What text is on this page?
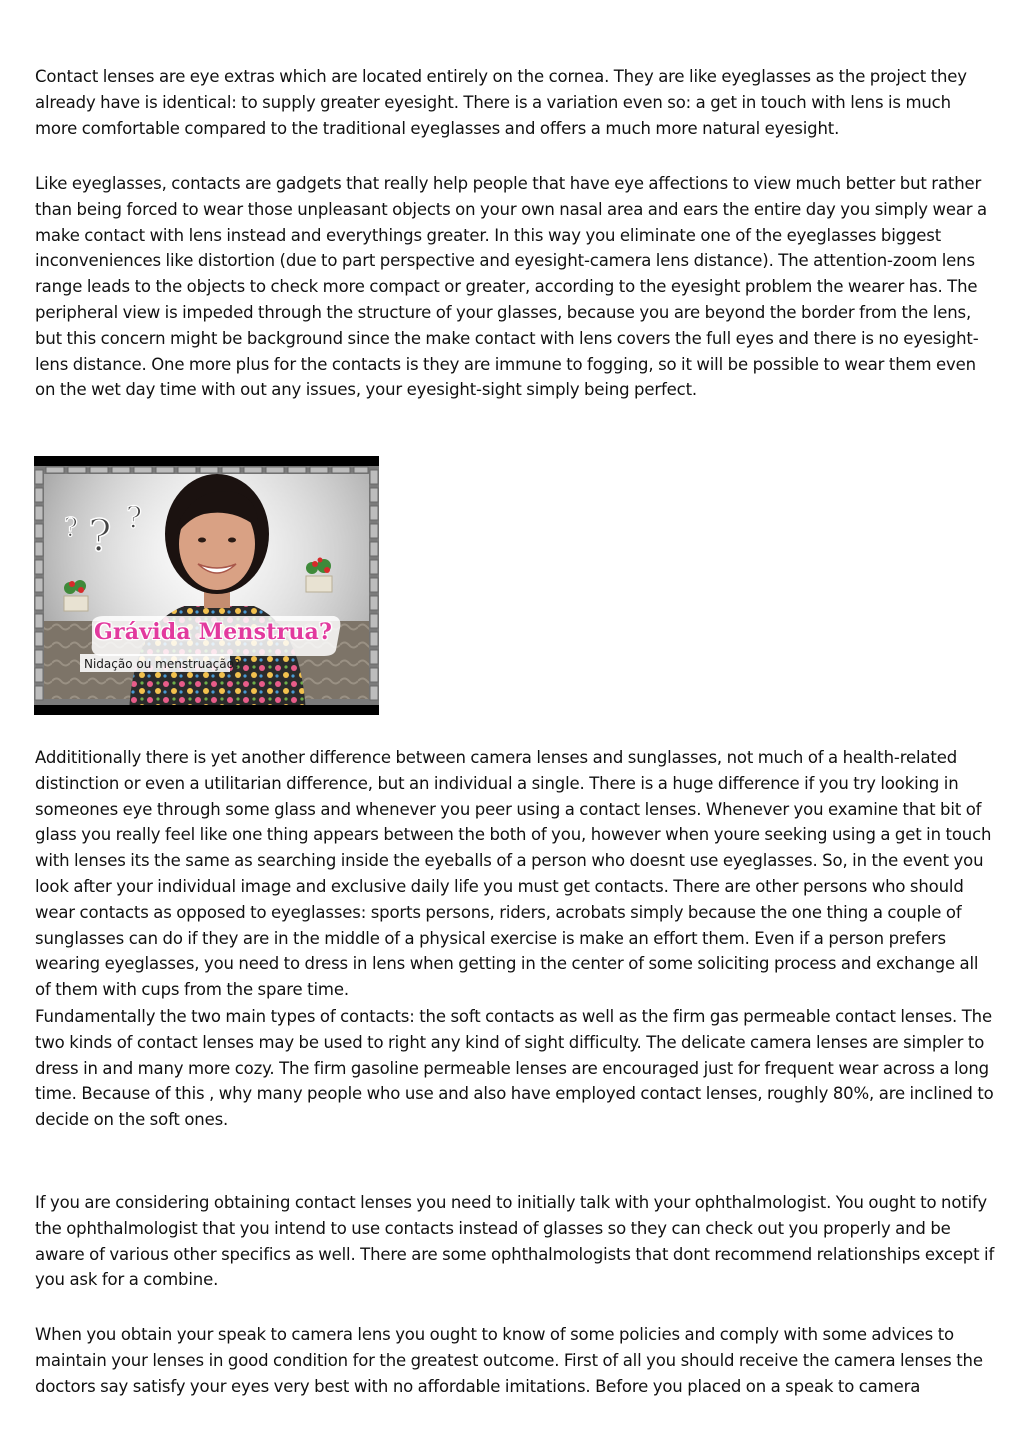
Contact lenses are eye extras which are located entirely on the cornea. They are like eyeglasses as the project they already have is identical: to supply greater eyesight. There is a variation even so: a get in touch with lens is much more comfortable compared to the traditional eyeglasses and offers a much more natural eyesight.

Like eyeglasses, contacts are gadgets that really help people that have eye affections to view much better but rather than being forced to wear those unpleasant objects on your own nasal area and ears the entire day you simply wear a make contact with lens instead and everythings greater. In this way you eliminate one of the eyeglasses biggest inconveniences like distortion (due to part perspective and eyesight-camera lens distance). The attention-zoom lens range leads to the objects to check more compact or greater, according to the eyesight problem the wearer has. The peripheral view is impeded through the structure of your glasses, because you are beyond the border from the lens, but this concern might be background since the make contact with lens covers the full eyes and there is no eyesight-lens distance. One more plus for the contacts is they are immune to fogging, so it will be possible to wear them even on the wet day time with out any issues, your eyesight-sight simply being perfect.

? ? ?
Grávida Menstrua?
Nidação ou menstruação?

Addititionally there is yet another difference between camera lenses and sunglasses, not much of a health-related distinction or even a utilitarian difference, but an individual a single. There is a huge difference if you try looking in someones eye through some glass and whenever you peer using a contact lenses. Whenever you examine that bit of glass you really feel like one thing appears between the both of you, however when youre seeking using a get in touch with lenses its the same as searching inside the eyeballs of a person who doesnt use eyeglasses. So, in the event you look after your individual image and exclusive daily life you must get contacts. There are other persons who should wear contacts as opposed to eyeglasses: sports persons, riders, acrobats simply because the one thing a couple of sunglasses can do if they are in the middle of a physical exercise is make an effort them. Even if a person prefers wearing eyeglasses, you need to dress in lens when getting in the center of some soliciting process and exchange all of them with cups from the spare time.

Fundamentally the two main types of contacts: the soft contacts as well as the firm gas permeable contact lenses. The two kinds of contact lenses may be used to right any kind of sight difficulty. The delicate camera lenses are simpler to dress in and many more cozy. The firm gasoline permeable lenses are encouraged just for frequent wear across a long time. Because of this , why many people who use and also have employed contact lenses, roughly 80%, are inclined to decide on the soft ones.

If you are considering obtaining contact lenses you need to initially talk with your ophthalmologist. You ought to notify the ophthalmologist that you intend to use contacts instead of glasses so they can check out you properly and be aware of various other specifics as well. There are some ophthalmologists that dont recommend relationships except if you ask for a combine.

When you obtain your speak to camera lens you ought to know of some policies and comply with some advices to maintain your lenses in good condition for the greatest outcome. First of all you should receive the camera lenses the doctors say satisfy your eyes very best with no affordable imitations. Before you placed on a speak to camera
